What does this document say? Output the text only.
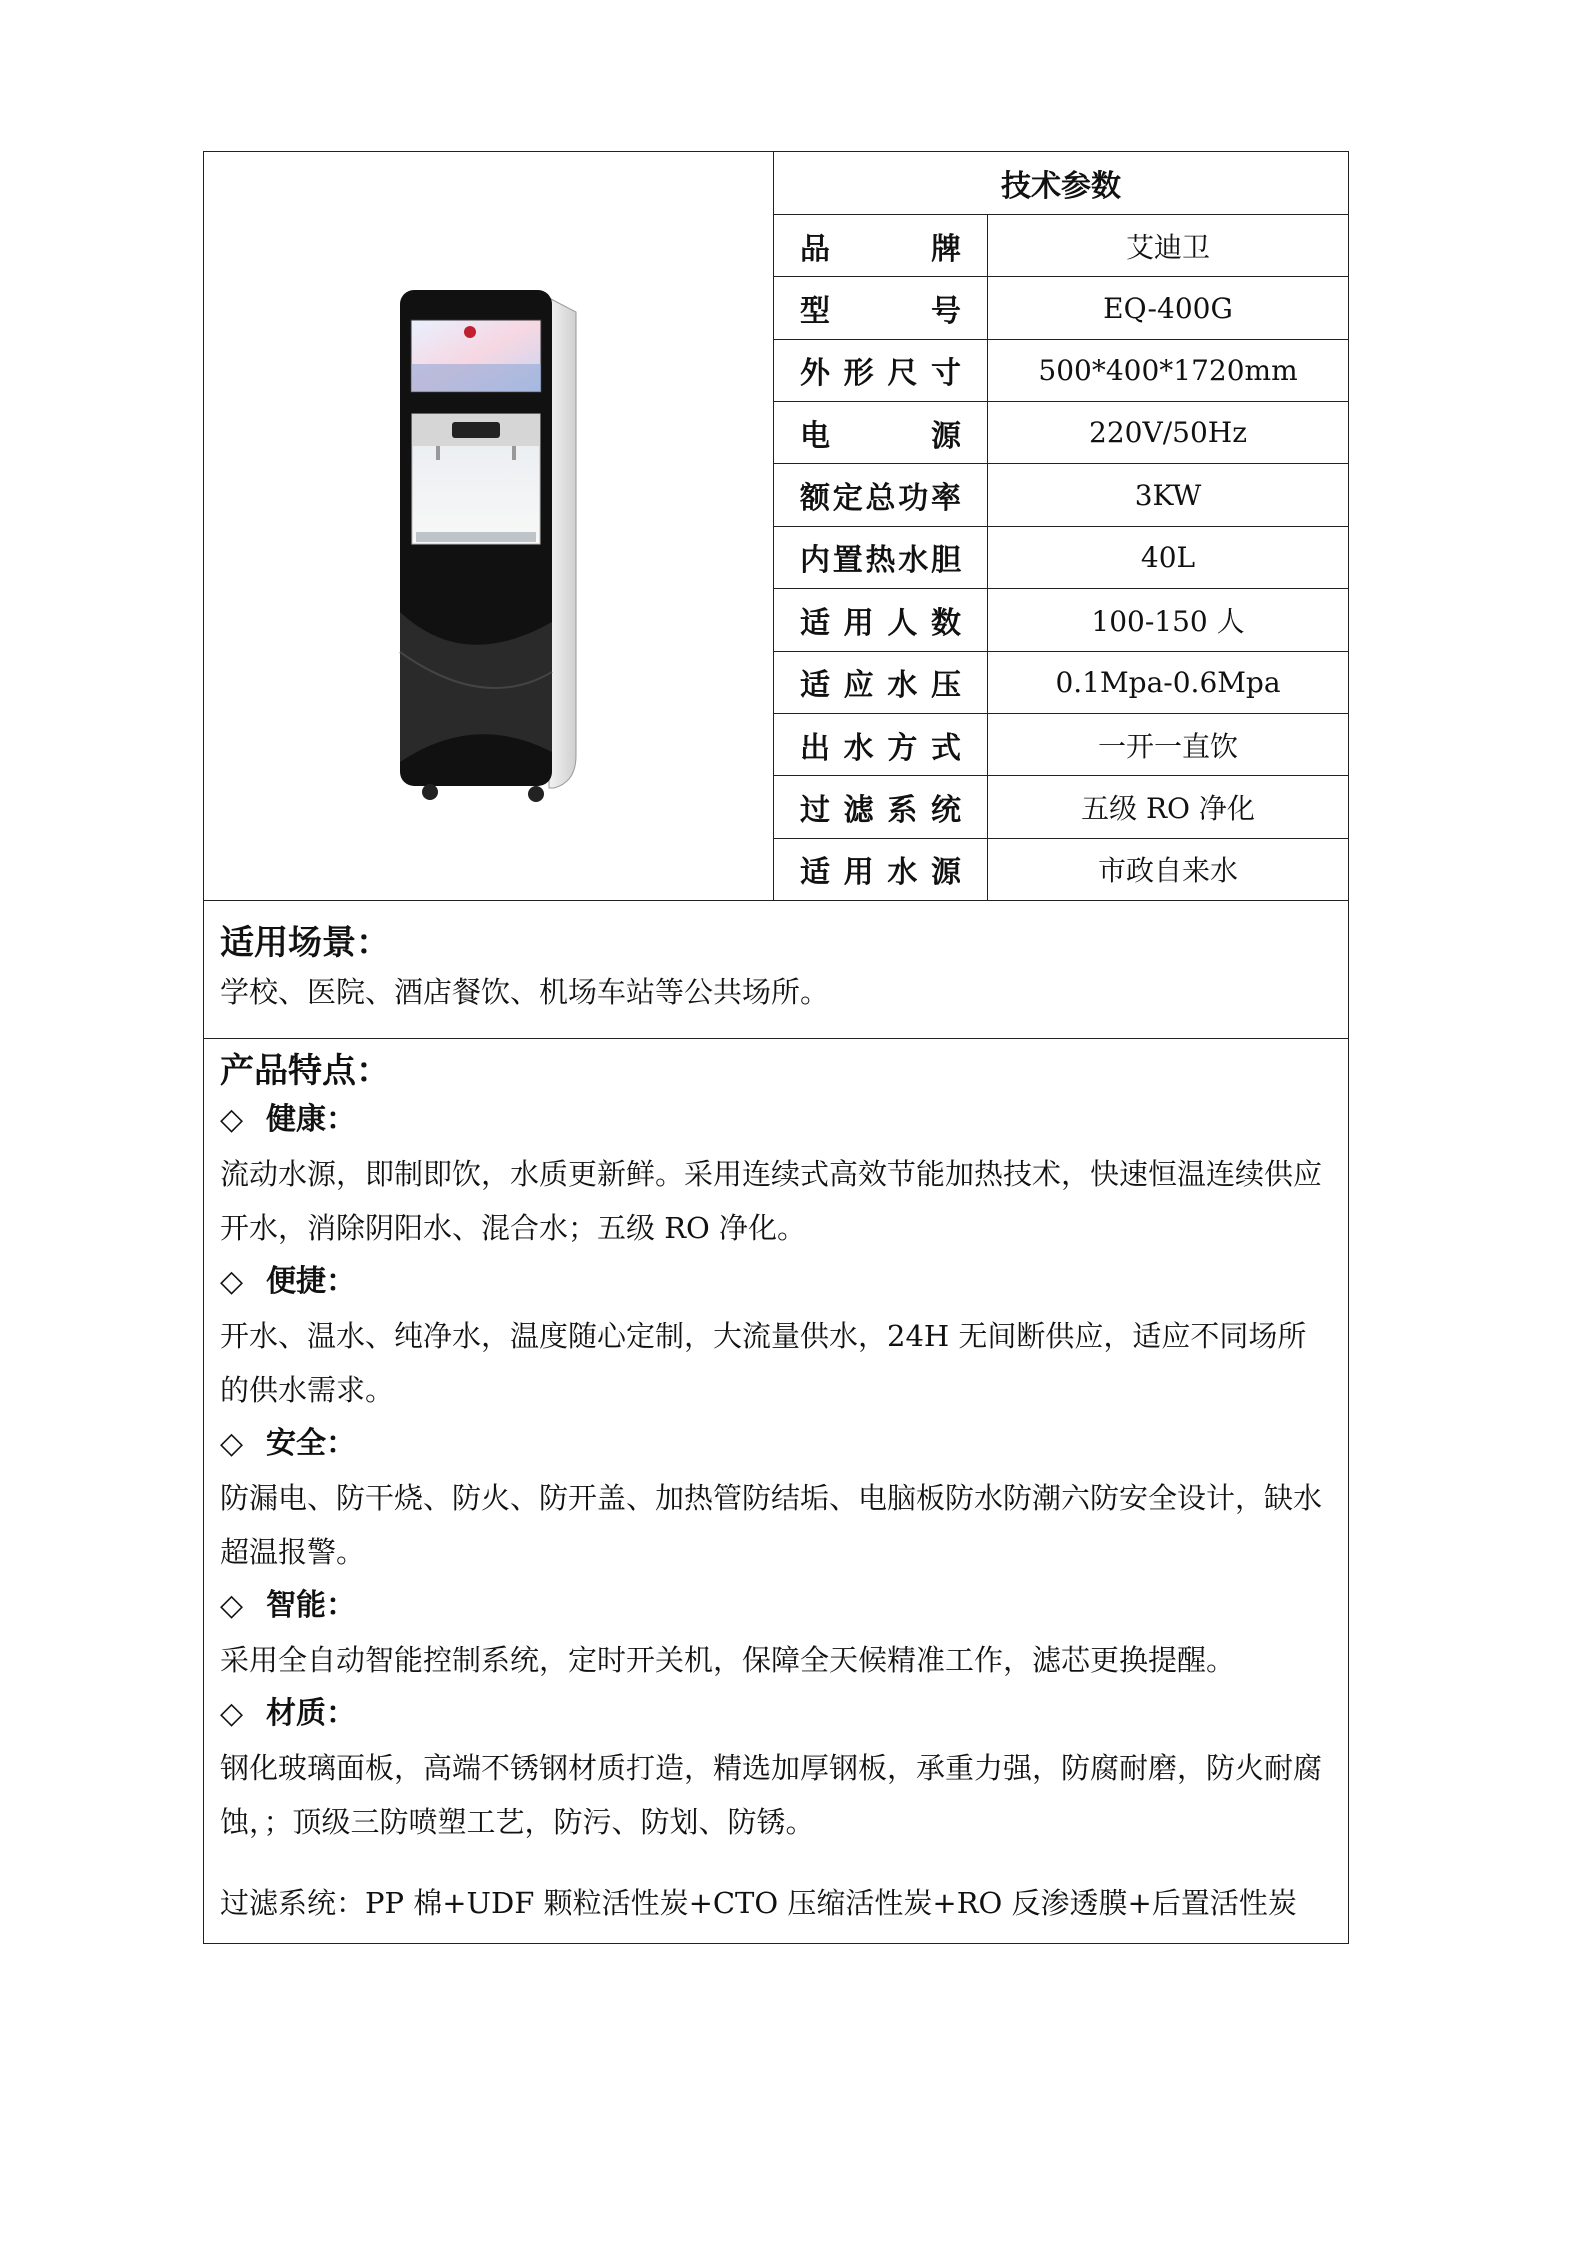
技术参数
品牌	艾迪卫
型号	EQ-400G
外形尺寸	500*400*1720mm
电源	220V/50Hz
额定总功率	3KW
内置热水胆	40L
适用人数	100-150 人
适应水压	0.1Mpa-0.6Mpa
出水方式	一开一直饮
过滤系统	五级 RO 净化
适用水源	市政自来水
适用场景：
学校、医院、酒店餐饮、机场车站等公共场所。
产品特点：
◇ 健康：
流动水源，即制即饮，水质更新鲜。采用连续式高效节能加热技术，快速恒温连续供应开水，消除阴阳水、混合水；五级 RO 净化。
◇ 便捷：
开水、温水、纯净水，温度随心定制，大流量供水，24H 无间断供应，适应不同场所的供水需求。
◇ 安全：
防漏电、防干烧、防火、防开盖、加热管防结垢、电脑板防水防潮六防安全设计，缺水超温报警。
◇ 智能：
采用全自动智能控制系统，定时开关机，保障全天候精准工作，滤芯更换提醒。
◇ 材质：
钢化玻璃面板，高端不锈钢材质打造，精选加厚钢板，承重力强，防腐耐磨，防火耐腐蚀，；顶级三防喷塑工艺，防污、防划、防锈。
过滤系统：PP 棉+UDF 颗粒活性炭+CTO 压缩活性炭+RO 反渗透膜+后置活性炭
